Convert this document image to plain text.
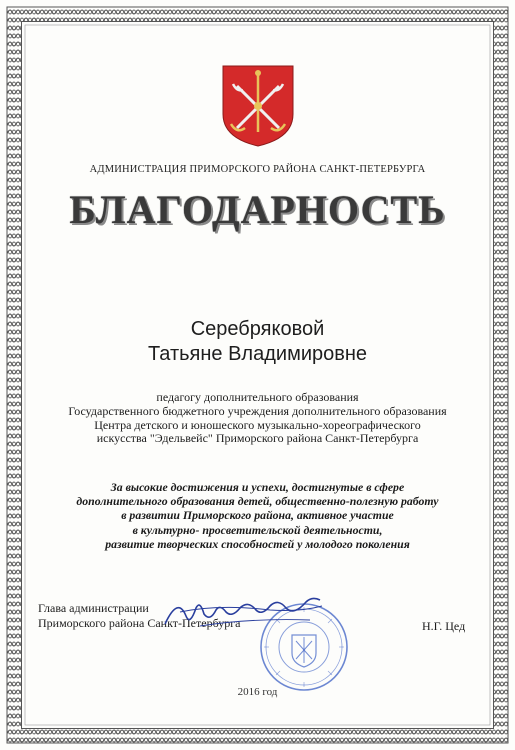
АДМИНИСТРАЦИЯ ПРИМОРСКОГО РАЙОНА САНКТ-ПЕТЕРБУРГА
БЛАГОДАРНОСТЬ
Серебряковой
Татьяне Владимировне
педагогу дополнительного образования
Государственного бюджетного учреждения дополнительного образования
Центра детского и юношеского музыкально-хореографического
искусства "Эдельвейс" Приморского района Санкт-Петербурга
За высокие достижения и успехи, достигнутые в сфере
дополнительного образования детей, общественно-полезную работу
в развитии Приморского района, активное участие
в культурно- просветительской деятельности,
развитие творческих способностей у молодого поколения
Глава администрации
Приморского района Санкт-Петербурга	Н.Г. Цед
2016 год
